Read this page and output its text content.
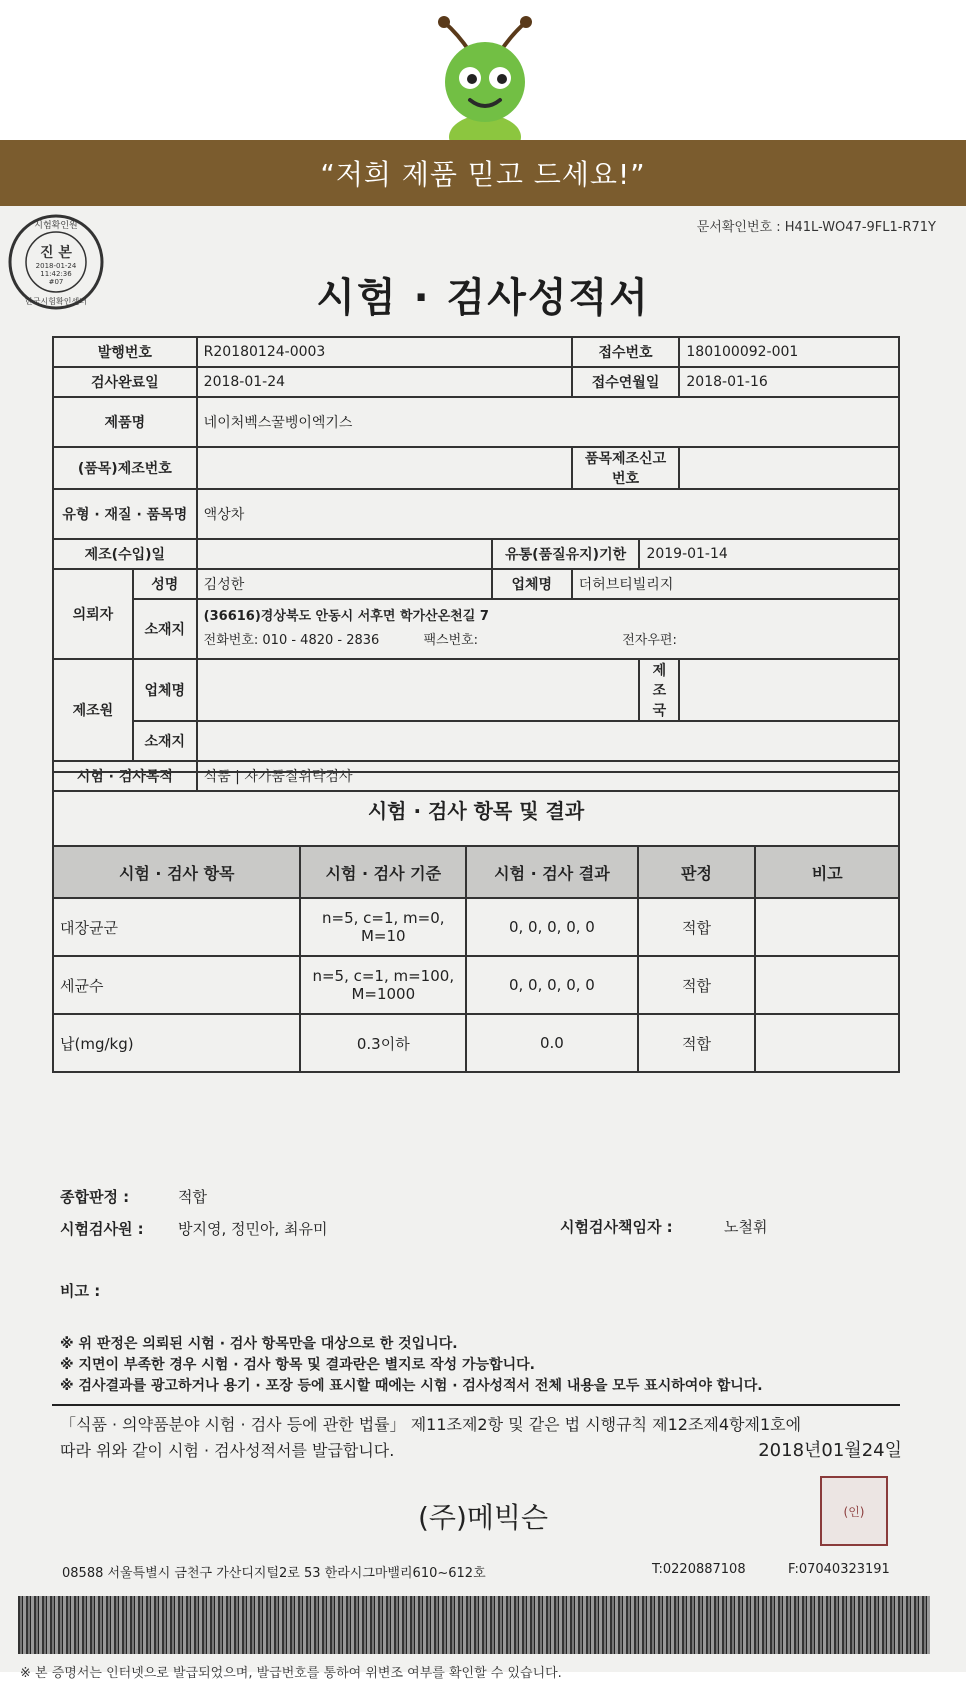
“저희 제품 믿고 드세요!”
시험확인원
진 본
2018-01-24
11:42:36
#07
한국시험확인센터
문서확인번호 : H41L-WO47-9FL1-R71Y
시험 · 검사성적서
발행번호		R20180124-0003		접수번호		180100092-001
검사완료일		2018-01-24		접수연월일		2018-01-16
제품명		네이처벡스꿀벵이엑기스				
(품목)제조번호				품목제조신고번호		
유형 · 재질 · 품목명		액상차				
제조(수입)일			유통(품질유지)기한		2019-01-14	
의뢰자	성명	김성한	업체명	더허브티빌리지		
	소재지	(36616)경상북도 안동시 서후면 학가산온천길 7
전화번호: 010 - 4820 - 2836 팩스번호: 전자우편:				

제조원	업체명				제조국	
	소재지					
시험 · 검사목적		식품 | 자가품질위탁검사				
시험 · 검사 항목 및 결과				
시험 · 검사 항목	시험 · 검사 기준	시험 · 검사 결과	판정	비고
대장균군	n=5, c=1, m=0, M=10	0, 0, 0, 0, 0	적합	
세균수	n=5, c=1, m=100, M=1000	0, 0, 0, 0, 0	적합	
납(mg/kg)	0.3이하	0.0	적합	
종합판정 :	적합
시험검사원 : 방지영, 정민아, 최유미	시험검사책임자 :	노철휘
비고 :
※ 위 판정은 의뢰된 시험 · 검사 항목만을 대상으로 한 것입니다.
※ 지면이 부족한 경우 시험 · 검사 항목 및 결과란은 별지로 작성 가능합니다.
※ 검사결과를 광고하거나 용기 · 포장 등에 표시할 때에는 시험 · 검사성적서 전체 내용을 모두 표시하여야 합니다.
「식품 · 의약품분야 시험 · 검사 등에 관한 법률」 제11조제2항 및 같은 법 시행규칙 제12조제4항제1호에
따라 위와 같이 시험 · 검사성적서를 발급합니다.	2018년01월24일
(주)메빅슨	(인)
08588 서울특별시 금천구 가산디지털2로 53 한라시그마밸리610~612호	T:0220887108	F:07040323191
※ 본 증명서는 인터넷으로 발급되었으며, 발급번호를 통하여 위변조 여부를 확인할 수 있습니다.
